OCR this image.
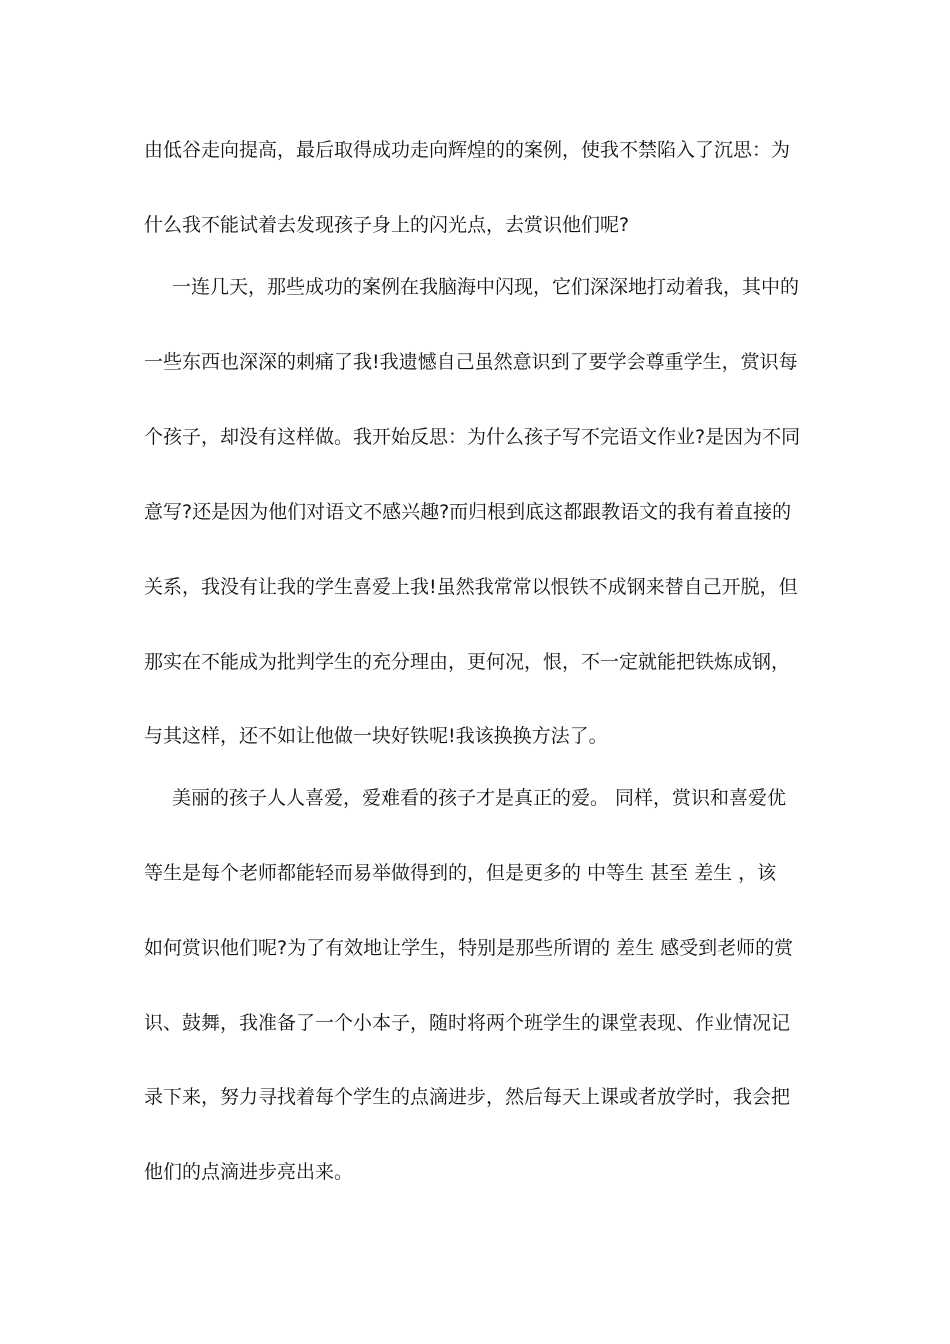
由低谷走向提高，最后取得成功走向辉煌的的案例，使我不禁陷入了沉思：为
什么我不能试着去发现孩子身上的闪光点，去赏识他们呢?
一连几天，那些成功的案例在我脑海中闪现，它们深深地打动着我，其中的
一些东西也深深的刺痛了我!我遗憾自己虽然意识到了要学会尊重学生，赏识每
个孩子，却没有这样做。我开始反思：为什么孩子写不完语文作业?是因为不同
意写?还是因为他们对语文不感兴趣?而归根到底这都跟教语文的我有着直接的
关系，我没有让我的学生喜爱上我!虽然我常常以恨铁不成钢来替自己开脱，但
那实在不能成为批判学生的充分理由，更何况，恨，不一定就能把铁炼成钢，
与其这样，还不如让他做一块好铁呢!我该换换方法了。
美丽的孩子人人喜爱，爱难看的孩子才是真正的爱。 同样，赏识和喜爱优
等生是每个老师都能轻而易举做得到的，但是更多的 中等生 甚至 差生 ，该
如何赏识他们呢?为了有效地让学生，特别是那些所谓的 差生 感受到老师的赏
识、鼓舞，我准备了一个小本子，随时将两个班学生的课堂表现、作业情况记
录下来，努力寻找着每个学生的点滴进步，然后每天上课或者放学时，我会把
他们的点滴进步亮出来。
